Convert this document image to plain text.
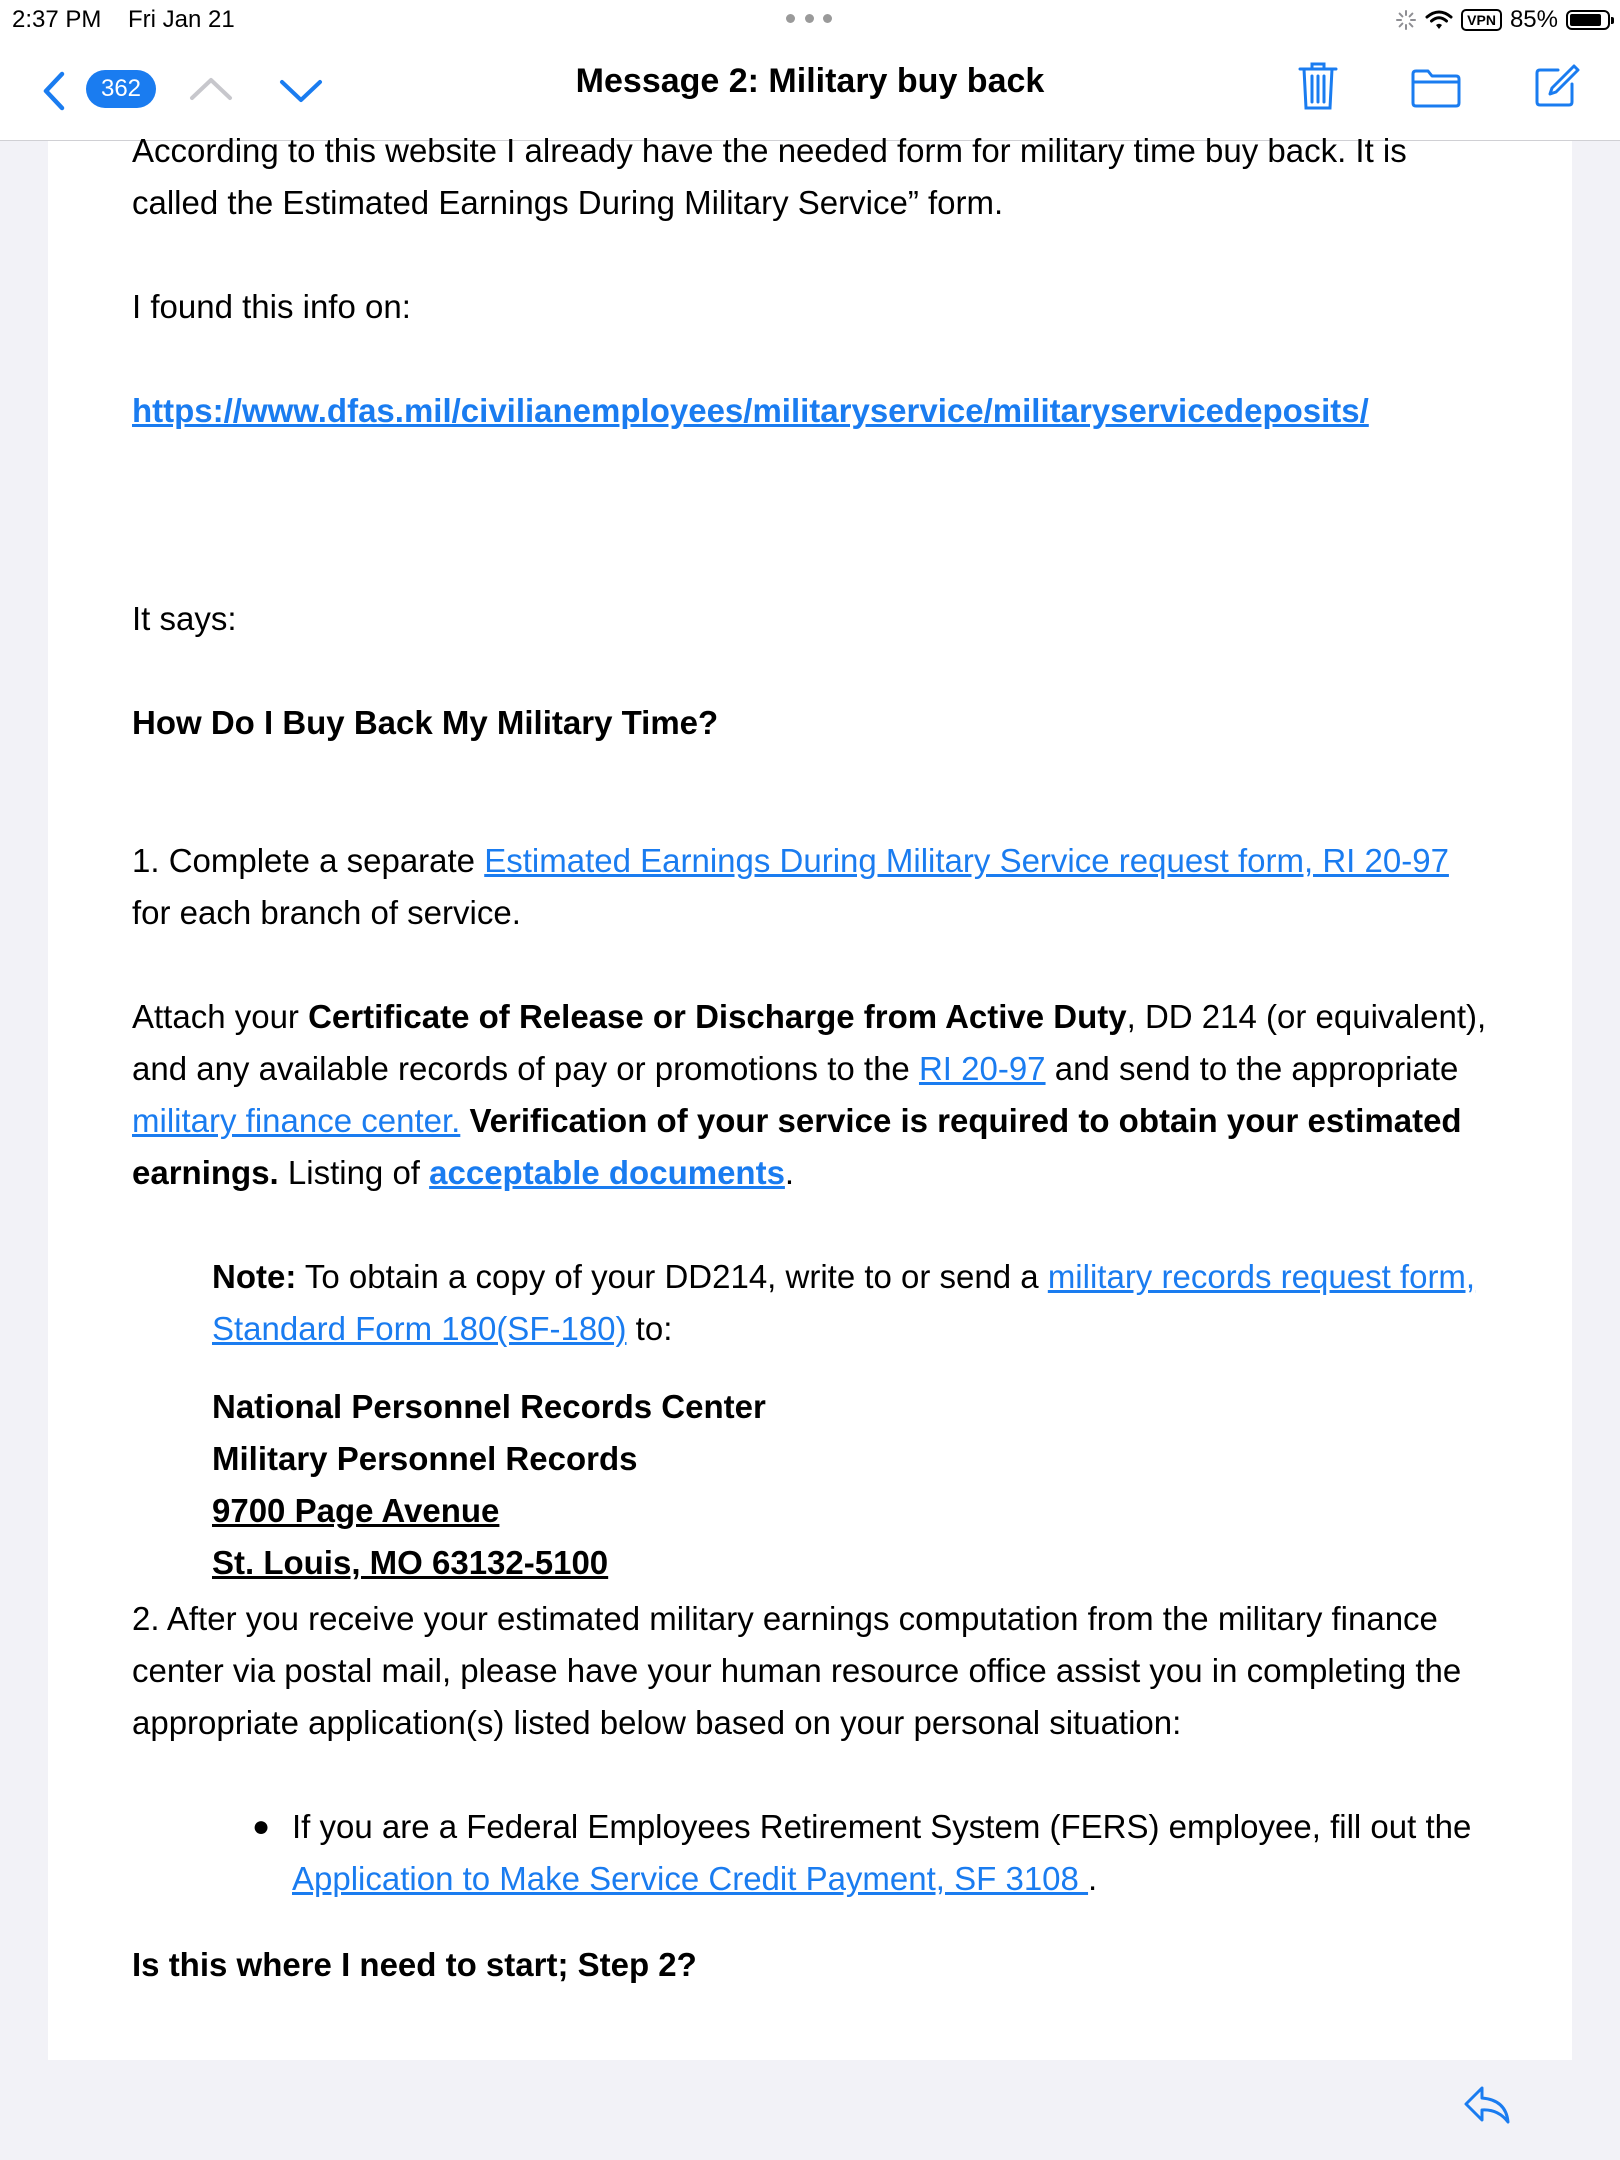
2:37 PM Fri Jan 21	VPN 85%
362	Message 2: Military buy back

According to this website I already have the needed form for military time buy back. It is called the Estimated Earnings During Military Service” form.

I found this info on:

https://www.dfas.mil/civilianemployees/militaryservice/militaryservicedeposits/

It says:

How Do I Buy Back My Military Time?

1. Complete a separate Estimated Earnings During Military Service request form, RI 20-97 for each branch of service.

Attach your Certificate of Release or Discharge from Active Duty, DD 214 (or equivalent), and any available records of pay or promotions to the RI 20-97 and send to the appropriate military finance center. Verification of your service is required to obtain your estimated earnings. Listing of acceptable documents.

Note: To obtain a copy of your DD214, write to or send a military records request form, Standard Form 180(SF-180) to:

National Personnel Records Center

Military Personnel Records

9700 Page Avenue

St. Louis, MO 63132-5100

2. After you receive your estimated military earnings computation from the military finance center via postal mail, please have your human resource office assist you in completing the appropriate application(s) listed below based on your personal situation:

● If you are a Federal Employees Retirement System (FERS) employee, fill out the Application to Make Service Credit Payment, SF 3108 .

Is this where I need to start; Step 2?
